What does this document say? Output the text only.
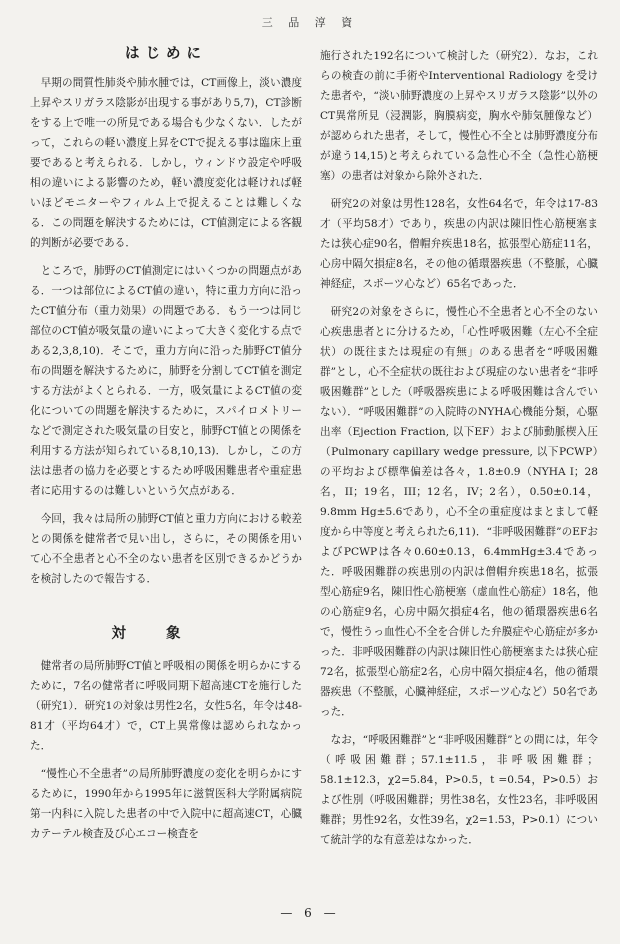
三 品 淳 資
はじめに

早期の間質性肺炎や肺水腫では，CT画像上，淡い濃度上昇やスリガラス陰影が出現する事があり5,7)，CT診断をする上で唯一の所見である場合も少なくない．したがって，これらの軽い濃度上昇をCTで捉える事は臨床上重要であると考えられる．しかし，ウィンドウ設定や呼吸相の違いによる影響のため，軽い濃度変化は軽ければ軽いほどモニターやフィルム上で捉えることは難しくなる．この問題を解決するためには，CT値測定による客観的判断が必要である．

ところで，肺野のCT値測定にはいくつかの問題点がある．一つは部位によるCT値の違い，特に重力方向に沿ったCT値分布（重力効果）の問題である．もう一つは同じ部位のCT値が吸気量の違いによって大きく変化する点である2,3,8,10)．そこで，重力方向に沿った肺野CT値分布の問題を解決するために，肺野を分割してCT値を測定する方法がよくとられる．一方，吸気量によるCT値の変化についての問題を解決するために，スパイロメトリーなどで測定された吸気量の目安と，肺野CT値との関係を利用する方法が知られている8,10,13)．しかし，この方法は患者の協力を必要とするため呼吸困難患者や重症患者に応用するのは難しいという欠点がある．

今回，我々は局所の肺野CT値と重力方向における較差との関係を健常者で見い出し，さらに，その関係を用いて心不全患者と心不全のない患者を区別できるかどうかを検討したので報告する．

対象

健常者の局所肺野CT値と呼吸相の関係を明らかにするために，7名の健常者に呼吸同期下超高速CTを施行した（研究1）．研究1の対象は男性2名，女性5名，年令は48-81才（平均64才）で，CT上異常像は認められなかった．

“慢性心不全患者”の局所肺野濃度の変化を明らかにするために，1990年から1995年に滋賀医科大学附属病院第一内科に入院した患者の中で入院中に超高速CT，心臓カテーテル検査及び心エコー検査を

施行された192名について検討した（研究2）．なお，これらの検査の前に手術やInterventional Radiology を受けた患者や，“淡い肺野濃度の上昇やスリガラス陰影”以外のCT異常所見（浸潤影，胸膜病変，胸水や肺気腫像など）が認められた患者，そして，慢性心不全とは肺野濃度分布が違う14,15)と考えられている急性心不全（急性心筋梗塞）の患者は対象から除外された．

研究2の対象は男性128名，女性64名で，年令は17-83才（平均58才）であり，疾患の内訳は陳旧性心筋梗塞または狭心症90名，僧帽弁疾患18名，拡張型心筋症11名，心房中隔欠損症8名，その他の循環器疾患（不整脈，心臓神経症，スポーツ心など）65名であった．

研究2の対象をさらに，慢性心不全患者と心不全のない心疾患患者とに分けるため，「心性呼吸困難（左心不全症状）の既往または現症の有無」のある患者を“呼吸困難群”とし，心不全症状の既往および現症のない患者を“非呼吸困難群”とした（呼吸器疾患による呼吸困難は含んでいない）．“呼吸困難群”の入院時のNYHA心機能分類，心駆出率（Ejection Fraction, 以下EF）および肺動脈楔入圧（Pulmonary capillary wedge pressure, 以下PCWP）の平均および標準偏差は各々，1.8±0.9（NYHA I；28名，II；19名，III；12名，IV；2名），0.50±0.14，9.8mm Hg±5.6であり，心不全の重症度はまとまして軽度から中等度と考えられた6,11)．“非呼吸困難群”のEFおよびPCWPは各々0.60±0.13，6.4mmHg±3.4であった．呼吸困難群の疾患別の内訳は僧帽弁疾患18名，拡張型心筋症9名，陳旧性心筋梗塞（虚血性心筋症）18名，他の心筋症9名，心房中隔欠損症4名，他の循環器疾患6名で，慢性うっ血性心不全を合併した弁膜症や心筋症が多かった．非呼吸困難群の内訳は陳旧性心筋梗塞または狭心症72名，拡張型心筋症2名，心房中隔欠損症4名，他の循環器疾患（不整脈，心臓神経症，スポーツ心など）50名であった．

なお，“呼吸困難群”と“非呼吸困難群”との間には，年令（呼吸困難群；57.1±11.5，非呼吸困難群；58.1±12.3，χ2=5.84，P>0.5，t =0.54，P>0.5）および性別（呼吸困難群；男性38名，女性23名，非呼吸困難群；男性92名，女性39名，χ2=1.53，P>0.1）について統計学的な有意差はなかった．

— 6 —
